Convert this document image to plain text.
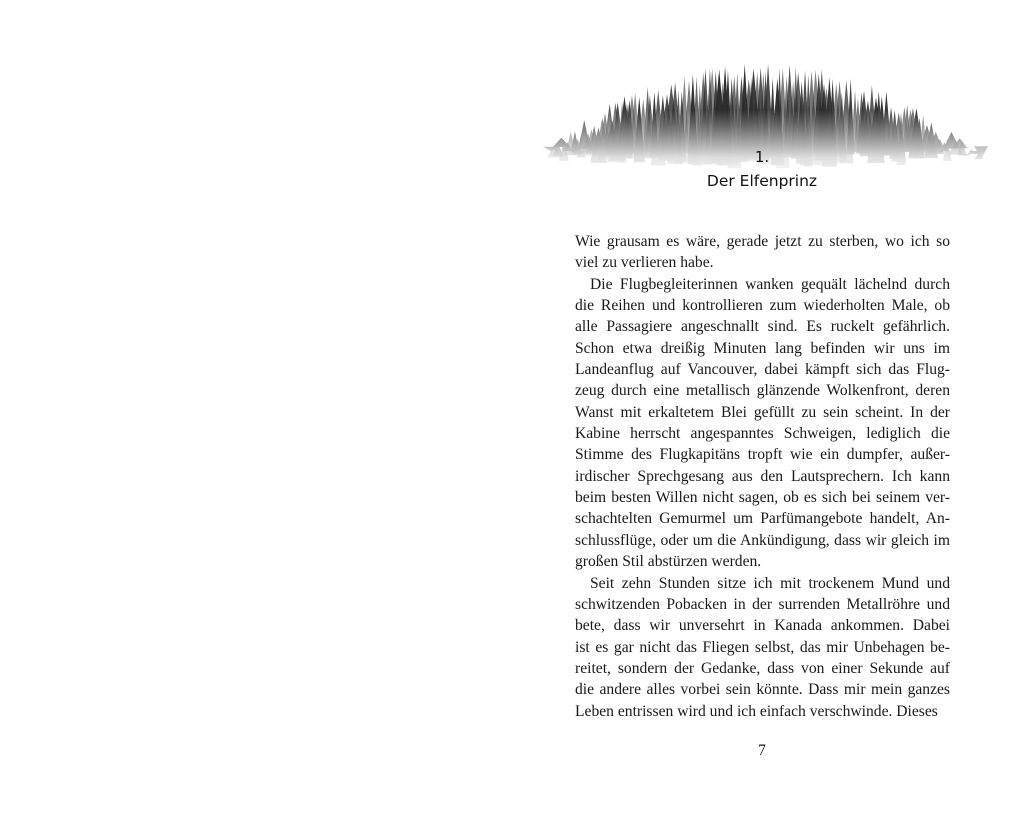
1.
Der Elfenprinz
Wie grausam es wäre, gerade jetzt zu sterben, wo ich so
viel zu verlieren habe.
Die Flugbegleiterinnen wanken gequält lächelnd durch
die Reihen und kontrollieren zum wiederholten Male, ob
alle Passagiere angeschnallt sind. Es ruckelt gefährlich.
Schon etwa dreißig Minuten lang befinden wir uns im
Landeanflug auf Vancouver, dabei kämpft sich das Flug-
zeug durch eine metallisch glänzende Wolkenfront, deren
Wanst mit erkaltetem Blei gefüllt zu sein scheint. In der
Kabine herrscht angespanntes Schweigen, lediglich die
Stimme des Flugkapitäns tropft wie ein dumpfer, außer-
irdischer Sprechgesang aus den Lautsprechern. Ich kann
beim besten Willen nicht sagen, ob es sich bei seinem ver-
schachtelten Gemurmel um Parfümangebote handelt, An-
schlussflüge, oder um die Ankündigung, dass wir gleich im
großen Stil abstürzen werden.
Seit zehn Stunden sitze ich mit trockenem Mund und
schwitzenden Pobacken in der surrenden Metallröhre und
bete, dass wir unversehrt in Kanada ankommen. Dabei
ist es gar nicht das Fliegen selbst, das mir Unbehagen be-
reitet, sondern der Gedanke, dass von einer Sekunde auf
die andere alles vorbei sein könnte. Dass mir mein ganzes
Leben entrissen wird und ich einfach verschwinde. Dieses
7
